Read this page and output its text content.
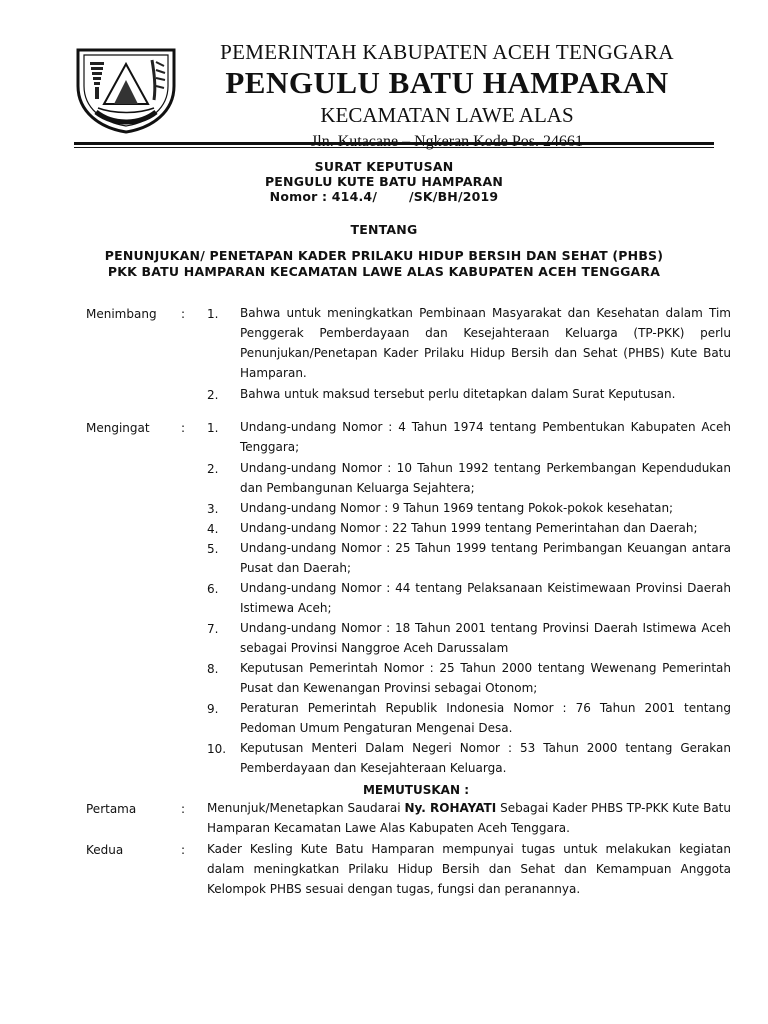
PEMERINTAH KABUPATEN ACEH TENGGARA
PENGULU BATU HAMPARAN
KECAMATAN LAWE ALAS
SURAT KEPUTUSAN
PENGULU KUTE BATU HAMPARAN
Nomor : 414.4/       /SK/BH/2019
TENTANG
PENUNJUKAN/ PENETAPAN KADER PRILAKU HIDUP BERSIH DAN SEHAT (PHBS)
PKK BATU HAMPARAN KECAMATAN LAWE ALAS KABUPATEN ACEH TENGGARA
Menimbang : 1. Bahwa untuk meningkatkan Pembinaan Masyarakat dan Kesehatan dalam Tim Penggerak Pemberdayaan dan Kesejahteraan Keluarga (TP-PKK) perlu Penunjukan/Penetapan Kader Prilaku Hidup Bersih dan Sehat (PHBS) Kute Batu Hamparan.
2. Bahwa untuk maksud tersebut perlu ditetapkan dalam Surat Keputusan.
Mengingat	: 1. Undang-undang Nomor : 4 Tahun 1974 tentang Pembentukan Kabupaten Aceh Tenggara;
2. Undang-undang Nomor : 10 Tahun 1992 tentang Perkembangan Kependudukan dan Pembangunan Keluarga Sejahtera;
3. Undang-undang Nomor : 9 Tahun 1969 tentang Pokok-pokok kesehatan;
4. Undang-undang Nomor : 22 Tahun 1999 tentang Pemerintahan dan Daerah;
5. Undang-undang Nomor : 25 Tahun 1999 tentang Perimbangan Keuangan antara Pusat dan Daerah;
6. Undang-undang Nomor : 44 tentang Pelaksanaan Keistimewaan Provinsi Daerah Istimewa Aceh;
7. Undang-undang Nomor : 18 Tahun 2001 tentang Provinsi Daerah Istimewa Aceh sebagai Provinsi Nanggroe Aceh Darussalam
8. Keputusan Pemerintah Nomor : 25 Tahun 2000 tentang Wewenang Pemerintah Pusat dan Kewenangan Provinsi sebagai Otonom;
9. Peraturan Pemerintah Republik Indonesia Nomor : 76 Tahun 2001 tentang Pedoman Umum Pengaturan Mengenai Desa.
10. Keputusan Menteri Dalam Negeri Nomor : 53 Tahun 2000 tentang Gerakan Pemberdayaan dan Kesejahteraan Keluarga.
MEMUTUSKAN :
Pertama	: Menunjuk/Menetapkan Saudarai Ny. ROHAYATI Sebagai Kader PHBS TP-PKK Kute Batu Hamparan Kecamatan Lawe Alas Kabupaten Aceh Tenggara.
Kedua	: Kader Kesling Kute Batu Hamparan mempunyai tugas untuk melakukan kegiatan dalam meningkatkan Prilaku Hidup Bersih dan Sehat dan Kemampuan Anggota Kelompok PHBS sesuai dengan tugas, fungsi dan peranannya.
